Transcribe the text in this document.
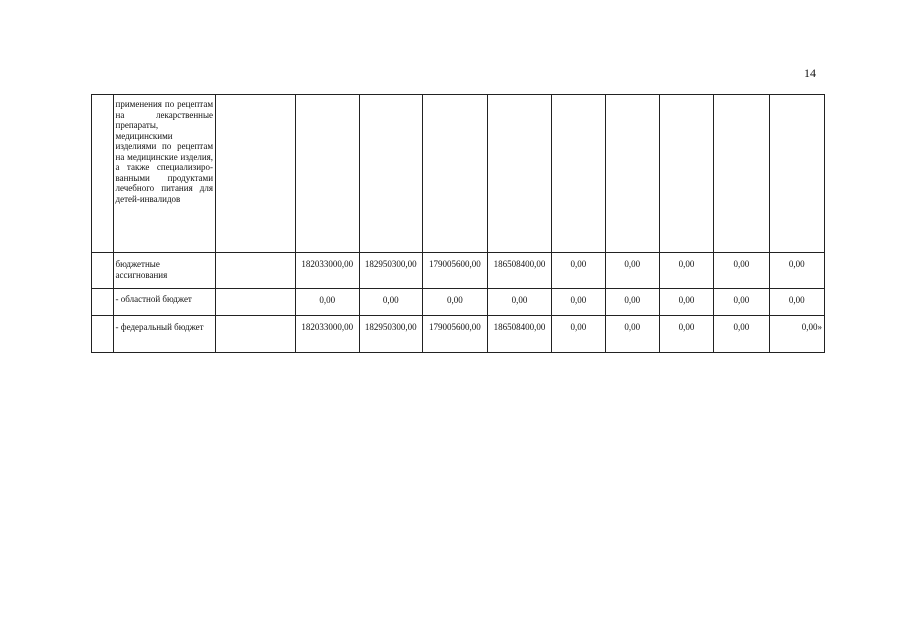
14

	применения по рецептам на лекарственные препараты, медицинскими изделиями по рецептам на медицинские изделия, а также специализиро-ванными продуктами лечебного питания для детей-инвалидов										

	бюджетные ассигнования		182033000,00	182950300,00	179005600,00	186508400,00	0,00	0,00	0,00	0,00	0,00

	- областной бюджет		0,00	0,00	0,00	0,00	0,00	0,00	0,00	0,00	0,00

	- федеральный бюджет		182033000,00	182950300,00	179005600,00	186508400,00	0,00	0,00	0,00	0,00	0,00»
